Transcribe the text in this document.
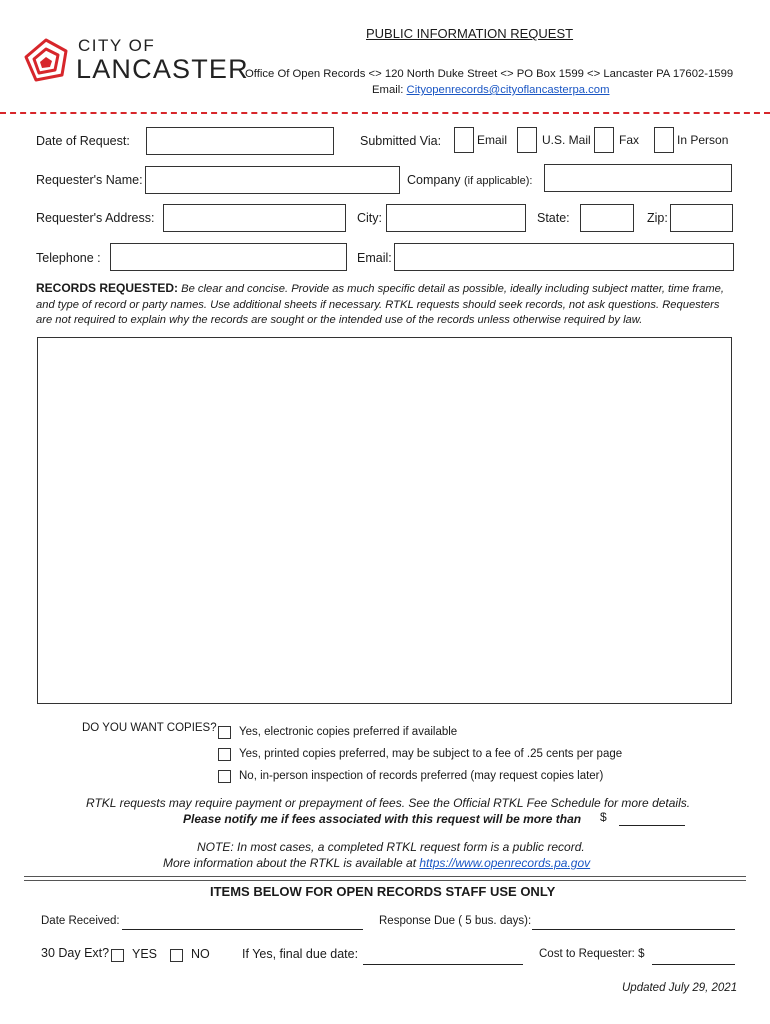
PUBLIC INFORMATION REQUEST
CITY OF
LANCASTER
Office Of Open Records <> 120 North Duke Street <> PO Box 1599 <> Lancaster PA 17602-1599
Email: Cityopenrecords@cityoflancasterpa.com
Date of Request:	Submitted Via:	Email	U.S. Mail Fax	In Person
Requester's Name:	Company (if applicable):
Requester's Address:	City:	State:	Zip:
Telephone :	Email:
RECORDS REQUESTED: Be clear and concise. Provide as much specific detail as possible, ideally including subject matter, time frame, and type of record or party names. Use additional sheets if necessary. RTKL requests should seek records, not ask questions. Requesters are not required to explain why the records are sought or the intended use of the records unless otherwise required by law.
DO YOU WANT COPIES? Yes, electronic copies preferred if available
Yes, printed copies preferred, may be subject to a fee of .25 cents per page
No, in-person inspection of records preferred (may request copies later)
RTKL requests may require payment or prepayment of fees. See the Official RTKL Fee Schedule for more details.
Please notify me if fees associated with this request will be more than $
NOTE: In most cases, a completed RTKL request form is a public record.
More information about the RTKL is available at https://www.openrecords.pa.gov
ITEMS BELOW FOR OPEN RECORDS STAFF USE ONLY
Date Received:	Response Due ( 5 bus. days):
30 Day Ext? YES	NO	If Yes, final due date:	Cost to Requester: $
Updated July 29, 2021
